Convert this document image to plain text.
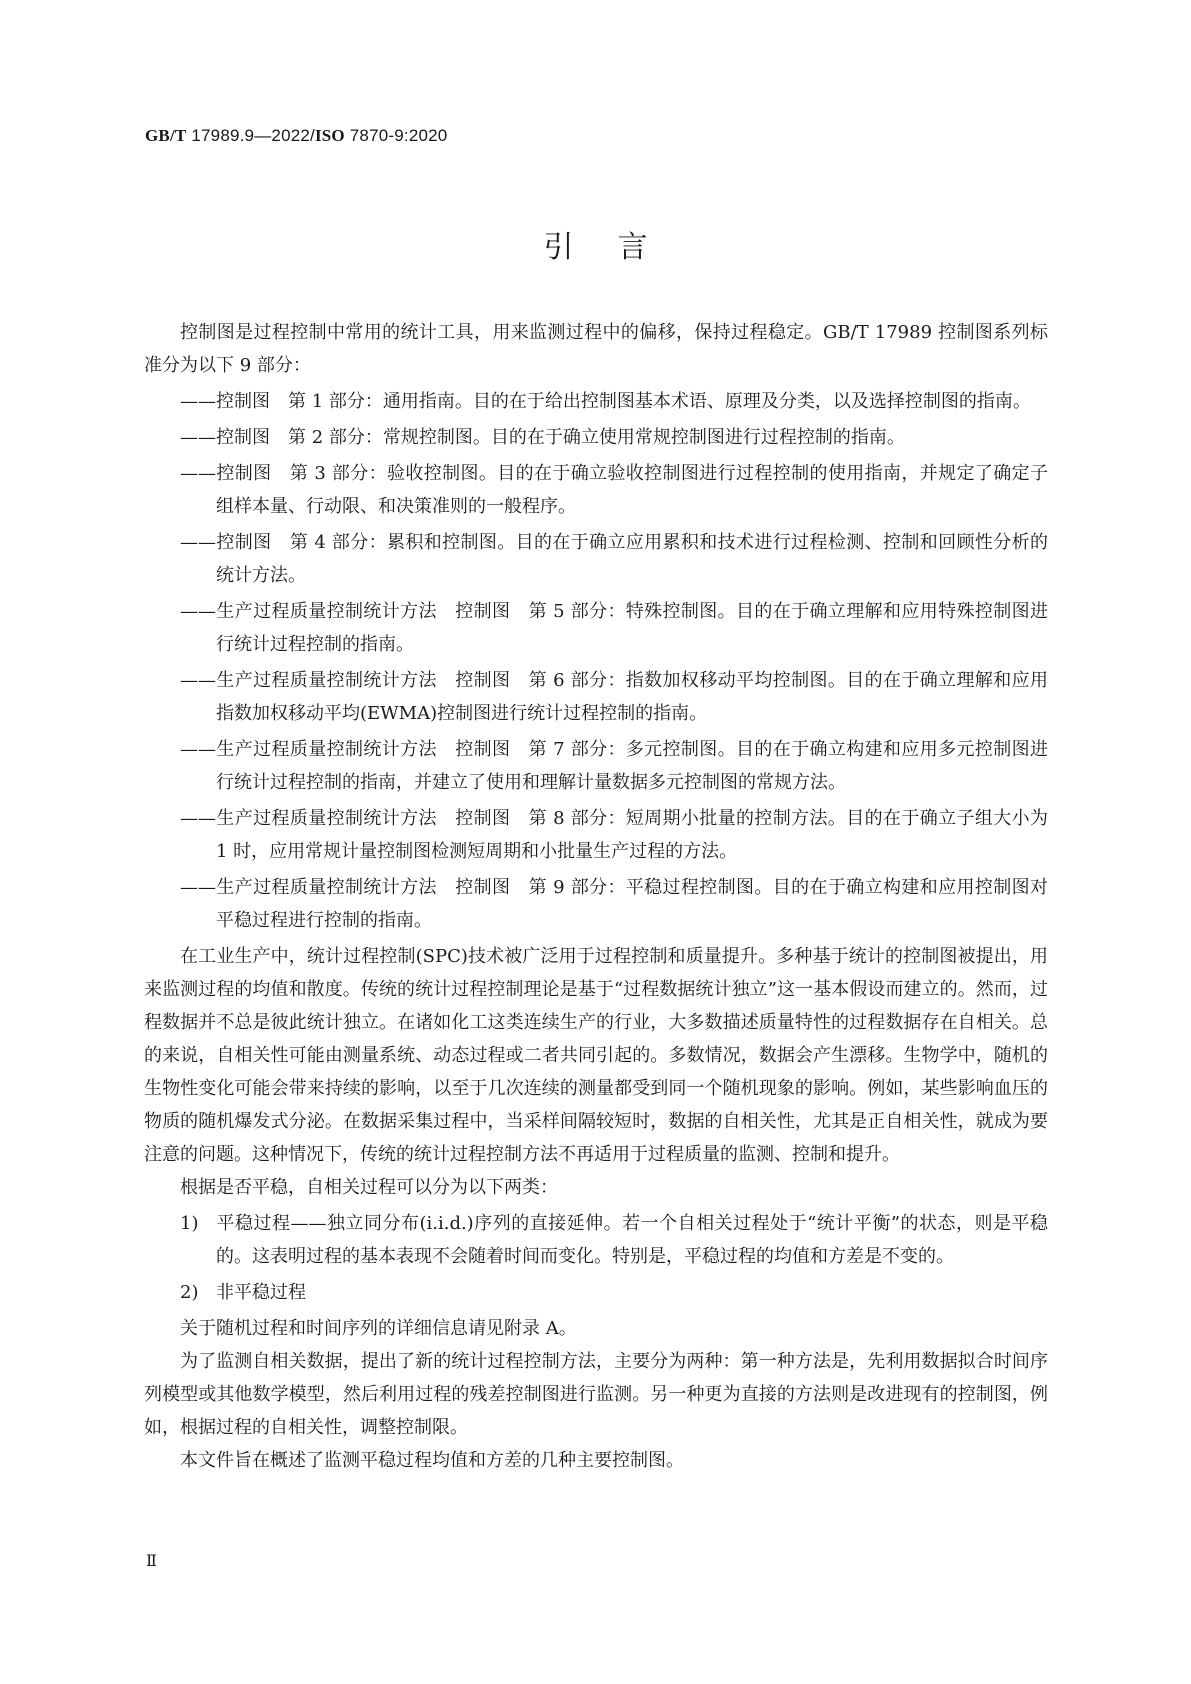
GB/T 17989.9—2022/ISO 7870-9:2020
引言

控制图是过程控制中常用的统计工具，用来监测过程中的偏移，保持过程稳定。GB/T 17989 控制图系列标准分为以下 9 部分：

——控制图　第 1 部分：通用指南。目的在于给出控制图基本术语、原理及分类，以及选择控制图的指南。

——控制图　第 2 部分：常规控制图。目的在于确立使用常规控制图进行过程控制的指南。

——控制图　第 3 部分：验收控制图。目的在于确立验收控制图进行过程控制的使用指南，并规定了确定子组样本量、行动限、和决策准则的一般程序。

——控制图　第 4 部分：累积和控制图。目的在于确立应用累积和技术进行过程检测、控制和回顾性分析的统计方法。

——生产过程质量控制统计方法　控制图　第 5 部分：特殊控制图。目的在于确立理解和应用特殊控制图进行统计过程控制的指南。

——生产过程质量控制统计方法　控制图　第 6 部分：指数加权移动平均控制图。目的在于确立理解和应用指数加权移动平均(EWMA)控制图进行统计过程控制的指南。

——生产过程质量控制统计方法　控制图　第 7 部分：多元控制图。目的在于确立构建和应用多元控制图进行统计过程控制的指南，并建立了使用和理解计量数据多元控制图的常规方法。

——生产过程质量控制统计方法　控制图　第 8 部分：短周期小批量的控制方法。目的在于确立子组大小为 1 时，应用常规计量控制图检测短周期和小批量生产过程的方法。

——生产过程质量控制统计方法　控制图　第 9 部分：平稳过程控制图。目的在于确立构建和应用控制图对平稳过程进行控制的指南。

在工业生产中，统计过程控制(SPC)技术被广泛用于过程控制和质量提升。多种基于统计的控制图被提出，用来监测过程的均值和散度。传统的统计过程控制理论是基于“过程数据统计独立”这一基本假设而建立的。然而，过程数据并不总是彼此统计独立。在诸如化工这类连续生产的行业，大多数描述质量特性的过程数据存在自相关。总的来说，自相关性可能由测量系统、动态过程或二者共同引起的。多数情况，数据会产生漂移。生物学中，随机的生物性变化可能会带来持续的影响，以至于几次连续的测量都受到同一个随机现象的影响。例如，某些影响血压的物质的随机爆发式分泌。在数据采集过程中，当采样间隔较短时，数据的自相关性，尤其是正自相关性，就成为要注意的问题。这种情况下，传统的统计过程控制方法不再适用于过程质量的监测、控制和提升。

根据是否平稳，自相关过程可以分为以下两类：

1) 平稳过程——独立同分布(i.i.d.)序列的直接延伸。若一个自相关过程处于“统计平衡”的状态，则是平稳的。这表明过程的基本表现不会随着时间而变化。特别是，平稳过程的均值和方差是不变的。

2) 非平稳过程

关于随机过程和时间序列的详细信息请见附录 A。

为了监测自相关数据，提出了新的统计过程控制方法，主要分为两种：第一种方法是，先利用数据拟合时间序列模型或其他数学模型，然后利用过程的残差控制图进行监测。另一种更为直接的方法则是改进现有的控制图，例如，根据过程的自相关性，调整控制限。

本文件旨在概述了监测平稳过程均值和方差的几种主要控制图。

Ⅱ
